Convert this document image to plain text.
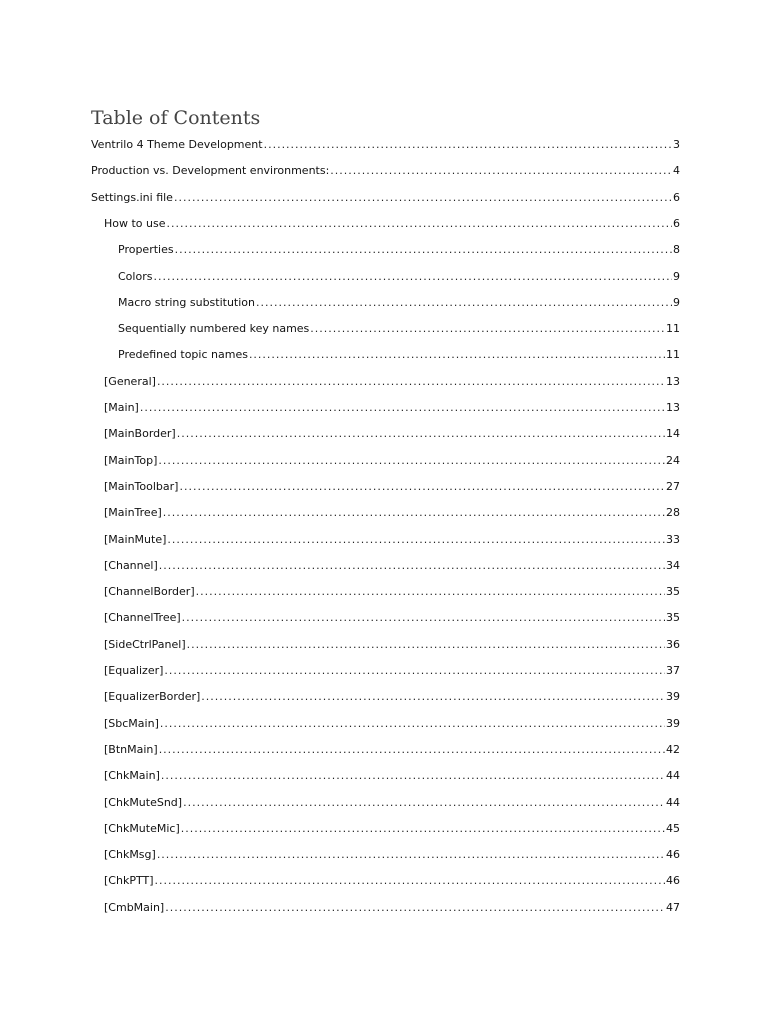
Table of Contents
Ventrilo 4 Theme Development .....	3
Production vs. Development environments: .....	4
Settings.ini file .....	6
How to use .....	6
Properties .....	8
Colors .....	9
Macro string substitution .....	9
Sequentially numbered key names .....	11
Predefined topic names .....	11
[General] .....	13
[Main] .....	13
[MainBorder] .....	14
[MainTop] .....	24
[MainToolbar] .....	27
[MainTree] .....	28
[MainMute] .....	33
[Channel] .....	34
[ChannelBorder] .....	35
[ChannelTree] .....	35
[SideCtrlPanel] .....	36
[Equalizer] .....	37
[EqualizerBorder] .....	39
[SbcMain] .....	39
[BtnMain] .....	42
[ChkMain] .....	44
[ChkMuteSnd] .....	44
[ChkMuteMic] .....	45
[ChkMsg] .....	46
[ChkPTT] .....	46
[CmbMain] .....	47
